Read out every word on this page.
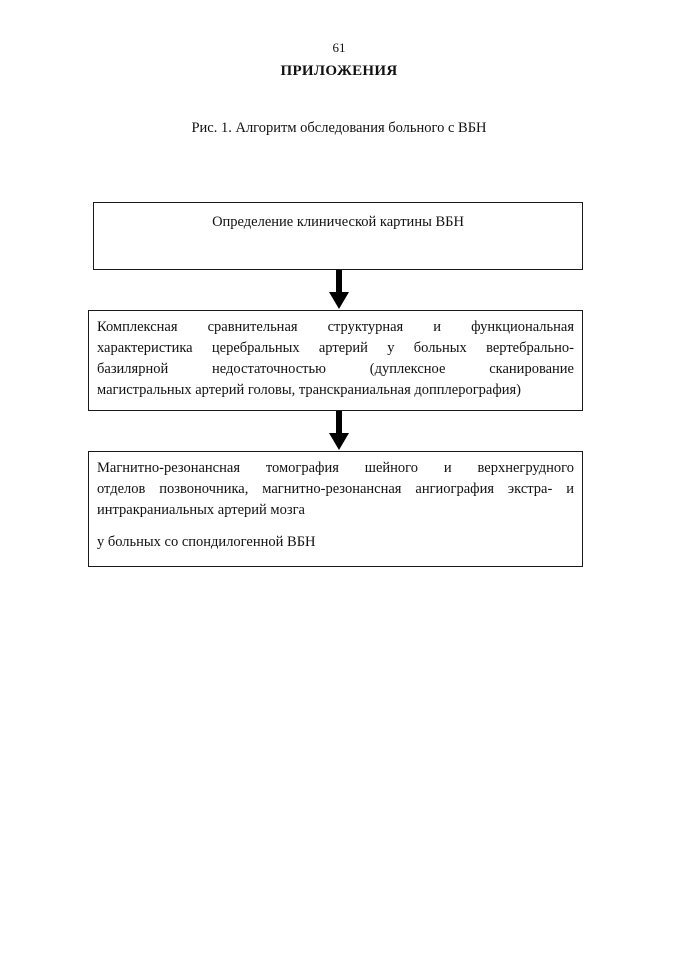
61
ПРИЛОЖЕНИЯ
Рис. 1. Алгоритм обследования больного с ВБН
Определение клинической картины ВБН
Комплексная сравнительная структурная и функциональная
характеристика церебральных артерий у больных вертебрально-
базилярной недостаточностью (дуплексное сканирование
магистральных артерий головы, транскраниальная допплерография)
Магнитно-резонансная томография шейного и верхнегрудного
отделов позвоночника, магнитно-резонансная ангиография экстра- и
интракраниальных артерий мозга
у больных со спондилогенной ВБН
